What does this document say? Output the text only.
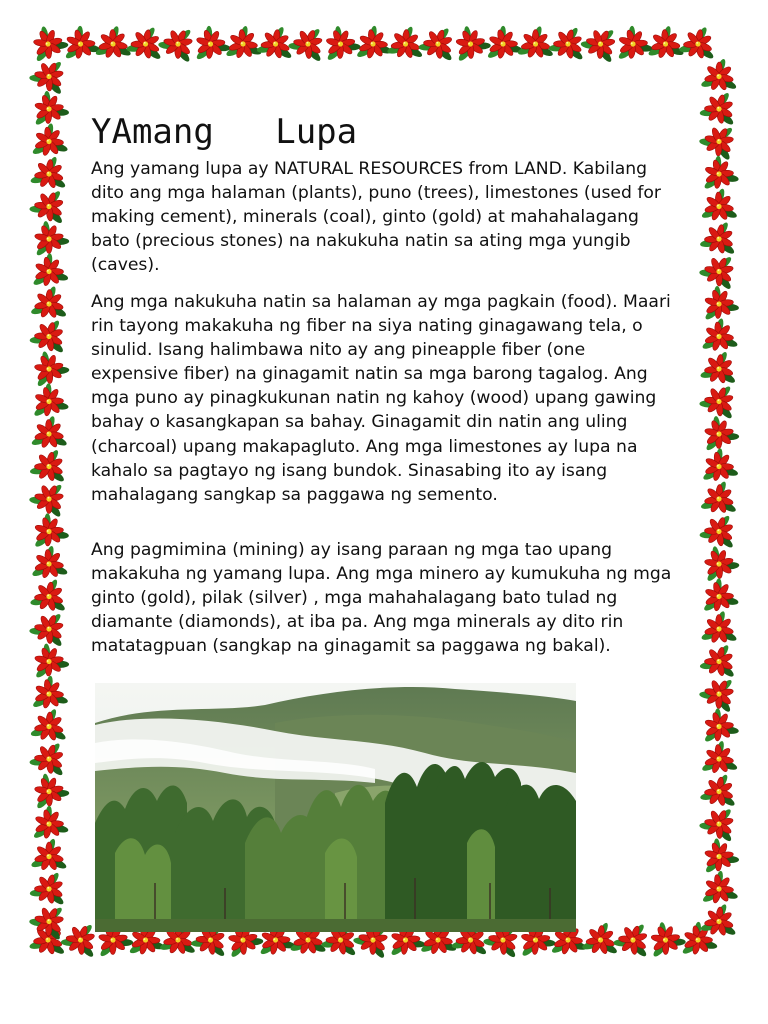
YAmang   Lupa

Ang yamang lupa ay NATURAL RESOURCES from LAND. Kabilang dito ang mga halaman (plants), puno (trees), limestones (used for making cement), minerals (coal), ginto (gold) at mahahalagang bato (precious stones) na nakukuha natin sa ating mga yungib (caves).

Ang mga nakukuha natin sa halaman ay mga pagkain (food). Maari rin tayong makakuha ng fiber na siya nating ginagawang tela, o sinulid. Isang halimbawa nito ay ang pineapple fiber (one expensive fiber) na ginagamit natin sa mga barong tagalog. Ang mga puno ay pinagkukunan natin ng kahoy (wood) upang gawing bahay o kasangkapan sa bahay. Ginagamit din natin ang uling (charcoal) upang makapagluto. Ang mga limestones ay lupa na kahalo sa pagtayo ng isang bundok. Sinasabing ito ay isang mahalagang sangkap sa paggawa ng semento.

Ang pagmimina (mining) ay isang paraan ng mga tao upang makakuha ng yamang lupa. Ang mga minero ay kumukuha ng mga ginto (gold), pilak (silver) , mga mahahalagang bato tulad ng diamante (diamonds), at iba pa. Ang mga minerals ay dito rin matatagpuan (sangkap na ginagamit sa paggawa ng bakal).
